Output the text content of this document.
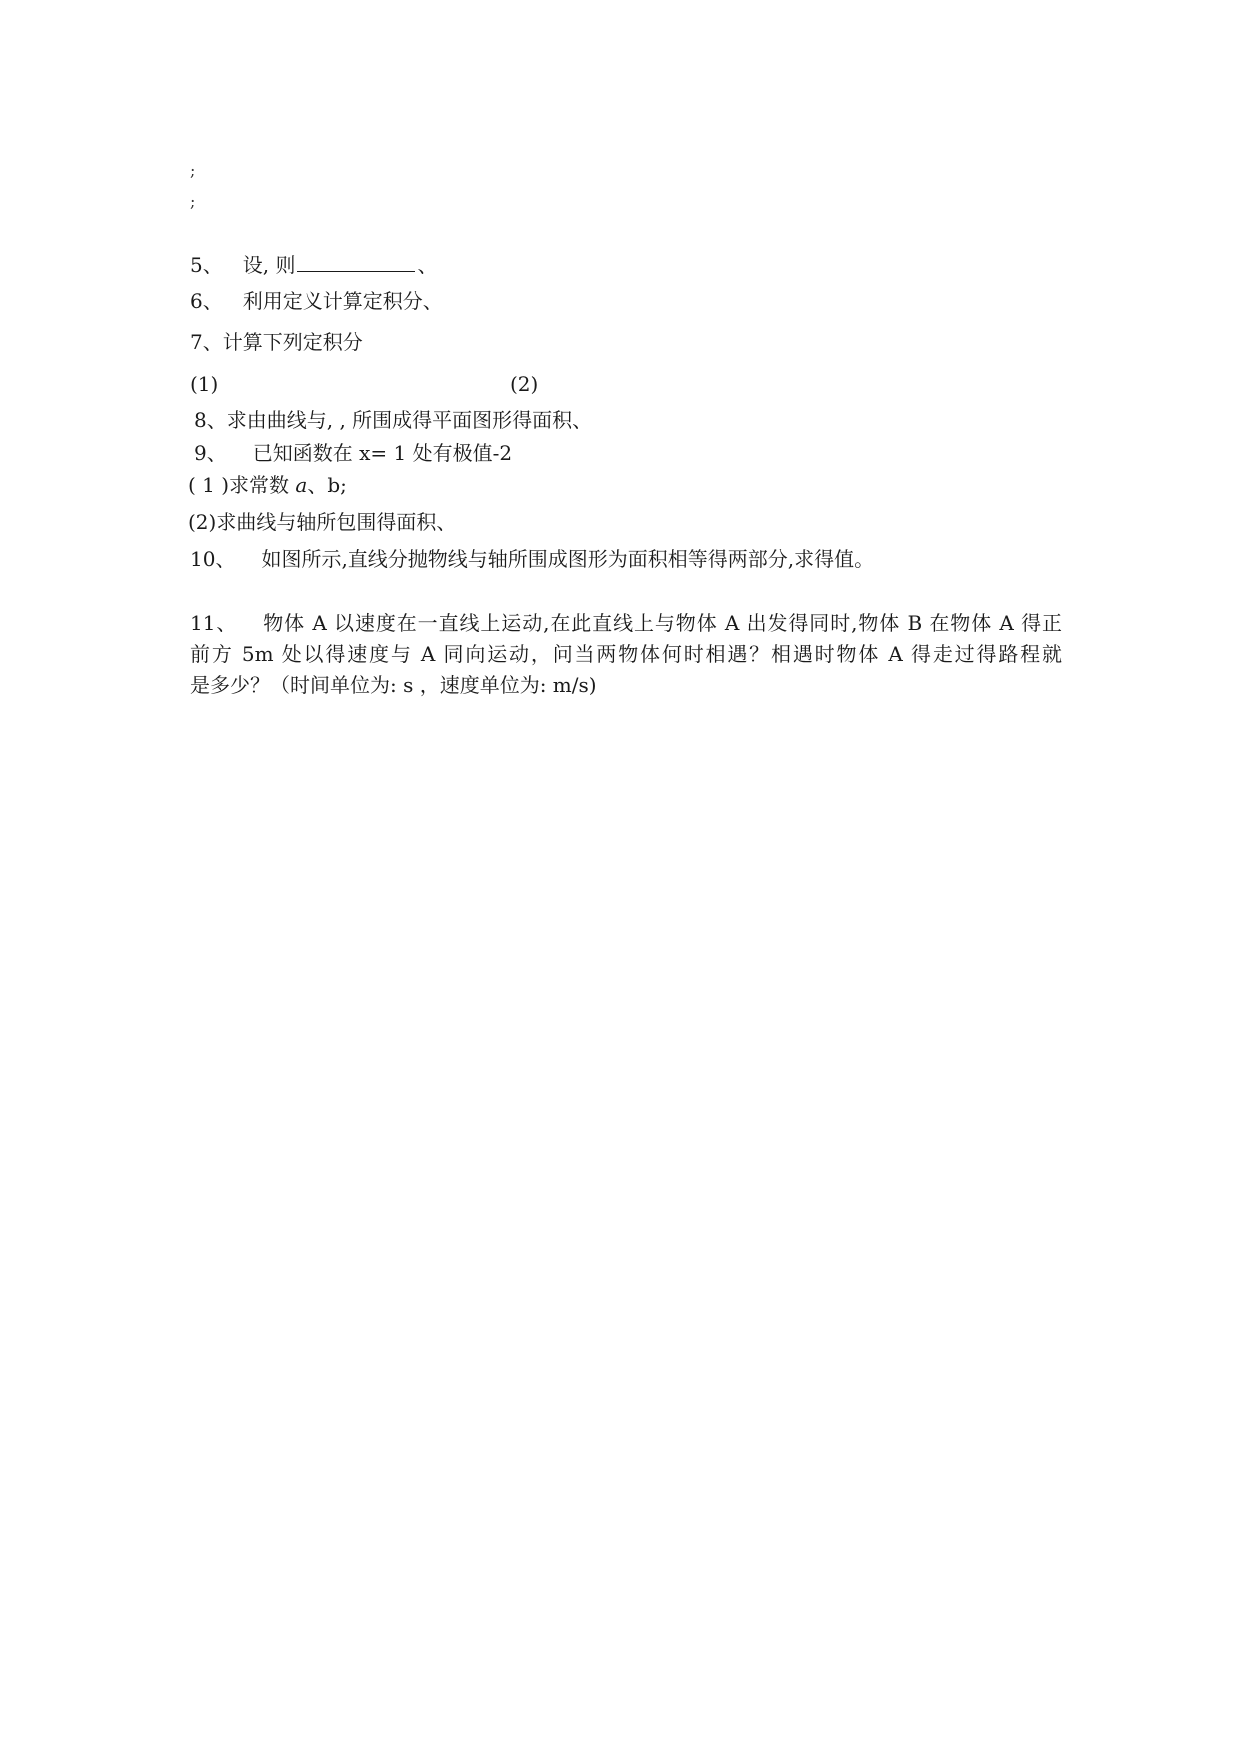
;
;
5、 设, 则	、
6、 利用定义计算定积分、
7、计算下列定积分
(1)	(2)
8、求由曲线与, , 所围成得平面图形得面积、
9、 已知函数在 x= 1 处有极值-2
( 1 )求常数 a、b;
(2)求曲线与轴所包围得面积、
10、 如图所示,直线分抛物线与轴所围成图形为面积相等得两部分,求得值。
11、 物体 A 以速度在一直线上运动,在此直线上与物体 A 出发得同时,物体 B 在物体 A 得正
前方 5m 处以得速度与 A 同向运动，问当两物体何时相遇？相遇时物体 A 得走过得路程就
是多少？（时间单位为: s ，速度单位为: m/s)
